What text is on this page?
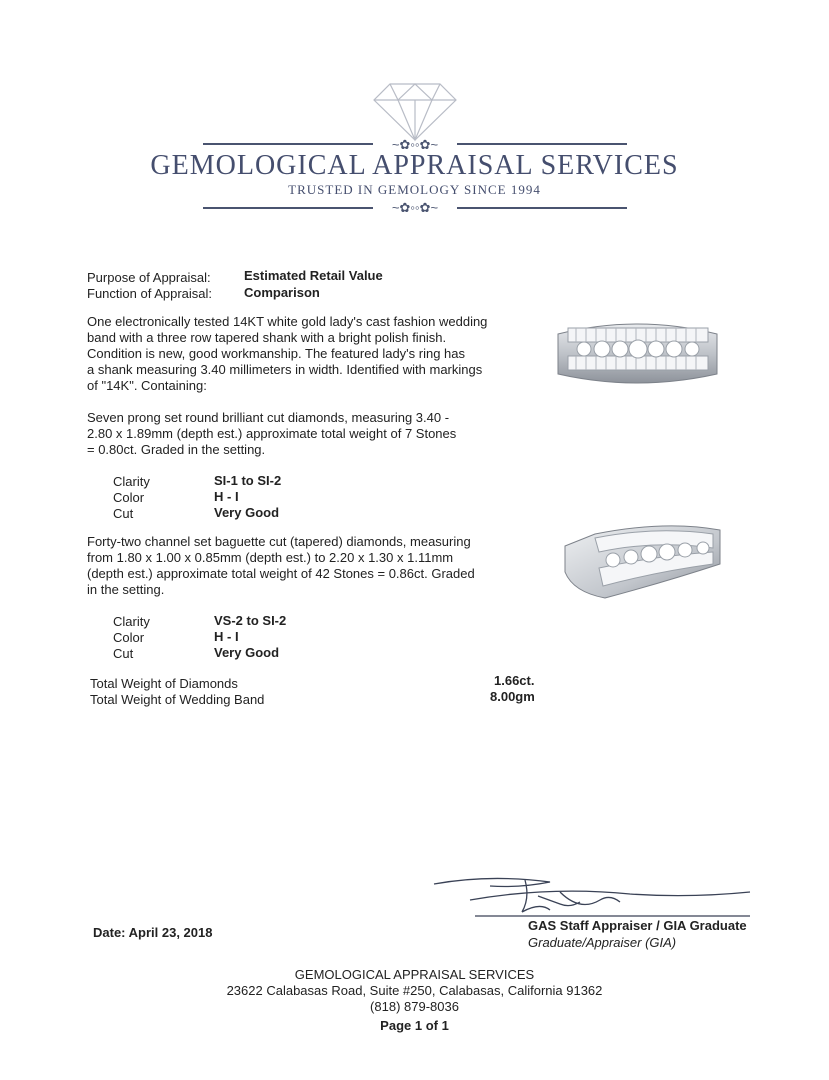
~✿◦◦✿~
GEMOLOGICAL APPRAISAL SERVICES
TRUSTED IN GEMOLOGY SINCE 1994
~✿◦◦✿~
Purpose of Appraisal:	Estimated Retail Value
Function of Appraisal: Comparison
One electronically tested 14KT white gold lady's cast fashion wedding
band with a three row tapered shank with a bright polish finish.
Condition is new, good workmanship. The featured lady's ring has
a shank measuring 3.40 millimeters in width. Identified with markings
of "14K". Containing:
Seven prong set round brilliant cut diamonds, measuring 3.40 -
2.80 x 1.89mm (depth est.) approximate total weight of 7 Stones
= 0.80ct. Graded in the setting.
Clarity	SI-1 to SI-2
Color	H - I
Cut	Very Good
Forty-two channel set baguette cut (tapered) diamonds, measuring
from 1.80 x 1.00 x 0.85mm (depth est.) to 2.20 x 1.30 x 1.11mm
(depth est.) approximate total weight of 42 Stones = 0.86ct. Graded
in the setting.
Clarity	VS-2 to SI-2
Color	H - I
Cut	Very Good
Total Weight of Diamonds	1.66ct.
Total Weight of Wedding Band	8.00gm
Date: April 23, 2018	GAS Staff Appraiser / GIA Graduate
Graduate/Appraiser (GIA)
GEMOLOGICAL APPRAISAL SERVICES
23622 Calabasas Road, Suite #250, Calabasas, California 91362
(818) 879-8036
Page 1 of 1
